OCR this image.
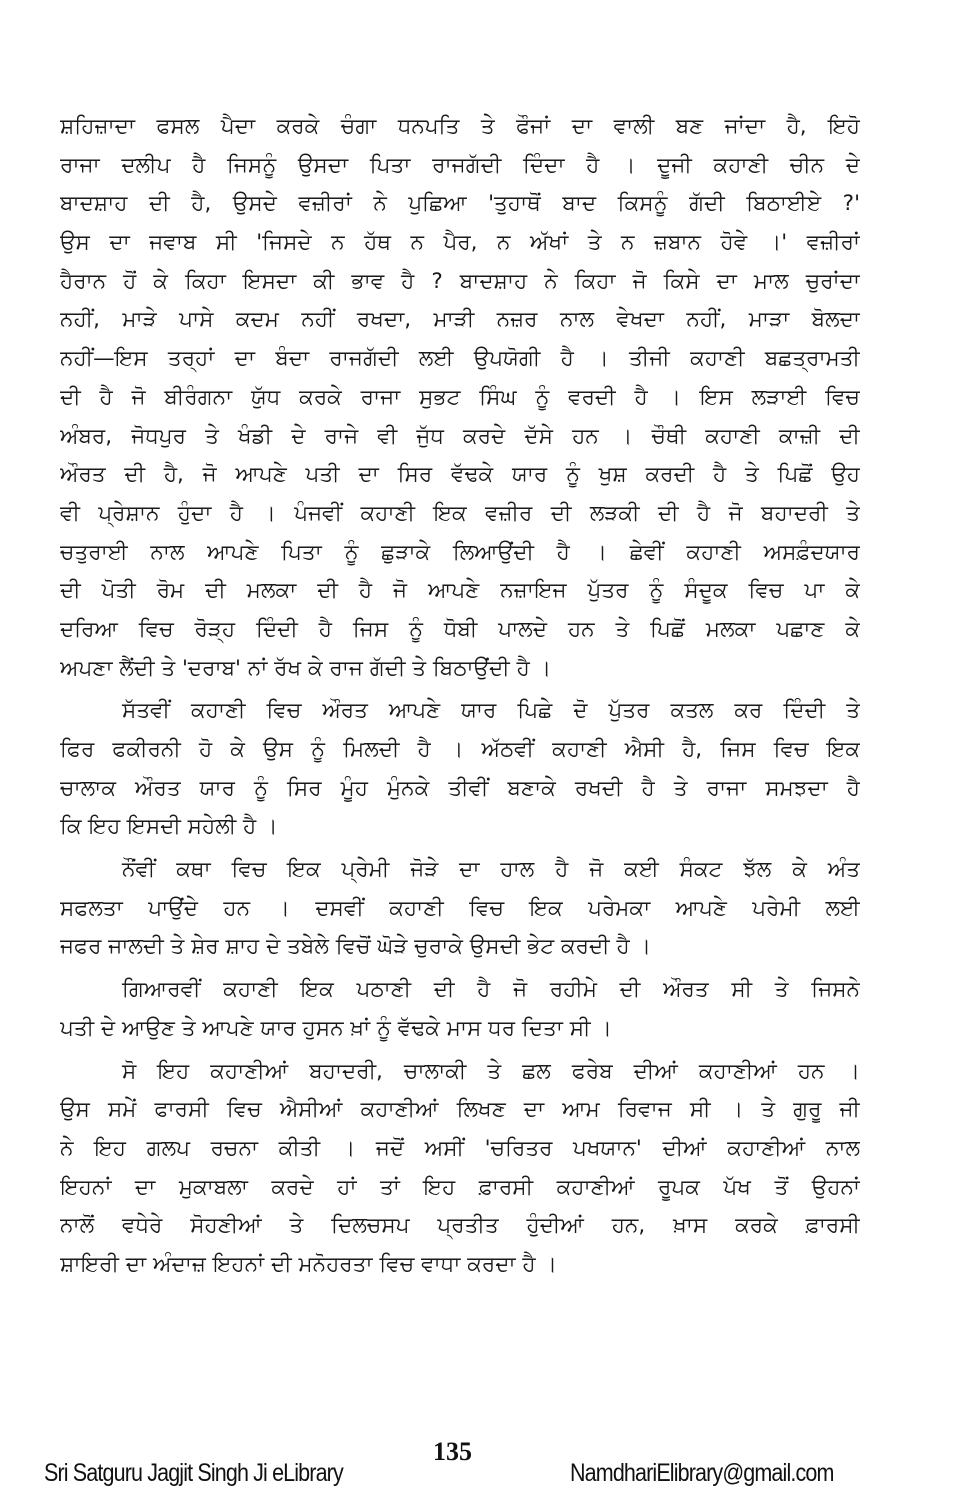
ਸ਼ਹਿਜ਼ਾਦਾ ਫਸਲ ਪੈਦਾ ਕਰਕੇ ਚੰਗਾ ਧਨਪਤਿ ਤੇ ਫੌਜਾਂ ਦਾ ਵਾਲੀ ਬਣ ਜਾਂਦਾ ਹੈ, ਇਹੋ
ਰਾਜਾ ਦਲੀਪ ਹੈ ਜਿਸਨੂੰ ਉਸਦਾ ਪਿਤਾ ਰਾਜਗੱਦੀ ਦਿੰਦਾ ਹੈ । ਦੂਜੀ ਕਹਾਣੀ ਚੀਨ ਦੇ
ਬਾਦਸ਼ਾਹ ਦੀ ਹੈ, ਉਸਦੇ ਵਜ਼ੀਰਾਂ ਨੇ ਪੁਛਿਆ 'ਤੁਹਾਥੋਂ ਬਾਦ ਕਿਸਨੂੰ ਗੱਦੀ ਬਿਠਾਈਏ ?'
ਉਸ ਦਾ ਜਵਾਬ ਸੀ 'ਜਿਸਦੇ ਨ ਹੱਥ ਨ ਪੈਰ, ਨ ਅੱਖਾਂ ਤੇ ਨ ਜ਼ਬਾਨ ਹੋਵੇ ।' ਵਜ਼ੀਰਾਂ
ਹੈਰਾਨ ਹੋਂ ਕੇ ਕਿਹਾ ਇਸਦਾ ਕੀ ਭਾਵ ਹੈ ? ਬਾਦਸ਼ਾਹ ਨੇ ਕਿਹਾ ਜੋ ਕਿਸੇ ਦਾ ਮਾਲ ਚੁਰਾਂਦਾ
ਨਹੀਂ, ਮਾੜੇ ਪਾਸੇ ਕਦਮ ਨਹੀਂ ਰਖਦਾ, ਮਾੜੀ ਨਜ਼ਰ ਨਾਲ ਵੇਖਦਾ ਨਹੀਂ, ਮਾੜਾ ਬੋਲਦਾ
ਨਹੀਂ—ਇਸ ਤਰ੍ਹਾਂ ਦਾ ਬੰਦਾ ਰਾਜਗੱਦੀ ਲਈ ਉਪਯੋਗੀ ਹੈ । ਤੀਜੀ ਕਹਾਣੀ ਬਛਤ੍ਰਾਮਤੀ
ਦੀ ਹੈ ਜੋ ਬੀਰੰਗਨਾ ਯੁੱਧ ਕਰਕੇ ਰਾਜਾ ਸੁਭਟ ਸਿੰਘ ਨੂੰ ਵਰਦੀ ਹੈ । ਇਸ ਲੜਾਈ ਵਿਚ
ਅੰਬਰ, ਜੋਧਪੁਰ ਤੇ ਖੰਡੀ ਦੇ ਰਾਜੇ ਵੀ ਜੁੱਧ ਕਰਦੇ ਦੱਸੇ ਹਨ । ਚੌਥੀ ਕਹਾਣੀ ਕਾਜ਼ੀ ਦੀ
ਔਰਤ ਦੀ ਹੈ, ਜੋ ਆਪਣੇ ਪਤੀ ਦਾ ਸਿਰ ਵੱਢਕੇ ਯਾਰ ਨੂੰ ਖੁਸ਼ ਕਰਦੀ ਹੈ ਤੇ ਪਿਛੋਂ ਉਹ
ਵੀ ਪ੍ਰੇਸ਼ਾਨ ਹੁੰਦਾ ਹੈ । ਪੰਜਵੀਂ ਕਹਾਣੀ ਇਕ ਵਜ਼ੀਰ ਦੀ ਲੜਕੀ ਦੀ ਹੈ ਜੋ ਬਹਾਦਰੀ ਤੇ
ਚਤੁਰਾਈ ਨਾਲ ਆਪਣੇ ਪਿਤਾ ਨੂੰ ਛੁੜਾਕੇ ਲਿਆਉਂਦੀ ਹੈ । ਛੇਵੀਂ ਕਹਾਣੀ ਅਸਫ਼ੰਦਯਾਰ
ਦੀ ਪੋਤੀ ਰੋਮ ਦੀ ਮਲਕਾ ਦੀ ਹੈ ਜੋ ਆਪਣੇ ਨਜ਼ਾਇਜ ਪੁੱਤਰ ਨੂੰ ਸੰਦੂਕ ਵਿਚ ਪਾ ਕੇ
ਦਰਿਆ ਵਿਚ ਰੋੜ੍ਹ ਦਿੰਦੀ ਹੈ ਜਿਸ ਨੂੰ ਧੋਬੀ ਪਾਲਦੇ ਹਨ ਤੇ ਪਿਛੋਂ ਮਲਕਾ ਪਛਾਣ ਕੇ
ਅਪਣਾ ਲੈਂਦੀ ਤੇ 'ਦਰਾਬ' ਨਾਂ ਰੱਖ ਕੇ ਰਾਜ ਗੱਦੀ ਤੇ ਬਿਠਾਉਂਦੀ ਹੈ ।
ਸੱਤਵੀਂ ਕਹਾਣੀ ਵਿਚ ਔਰਤ ਆਪਣੇ ਯਾਰ ਪਿਛੇ ਦੋ ਪੁੱਤਰ ਕਤਲ ਕਰ ਦਿੰਦੀ ਤੇ
ਫਿਰ ਫਕੀਰਨੀ ਹੋ ਕੇ ਉਸ ਨੂੰ ਮਿਲਦੀ ਹੈ । ਅੱਠਵੀਂ ਕਹਾਣੀ ਐਸੀ ਹੈ, ਜਿਸ ਵਿਚ ਇਕ
ਚਾਲਾਕ ਔਰਤ ਯਾਰ ਨੂੰ ਸਿਰ ਮੂੰਹ ਮੁੰਨਕੇ ਤੀਵੀਂ ਬਣਾਕੇ ਰਖਦੀ ਹੈ ਤੇ ਰਾਜਾ ਸਮਝਦਾ ਹੈ
ਕਿ ਇਹ ਇਸਦੀ ਸਹੇਲੀ ਹੈ ।
ਨੌਂਵੀਂ ਕਥਾ ਵਿਚ ਇਕ ਪ੍ਰੇਮੀ ਜੋੜੇ ਦਾ ਹਾਲ ਹੈ ਜੋ ਕਈ ਸੰਕਟ ਝੱਲ ਕੇ ਅੰਤ
ਸਫਲਤਾ ਪਾਉਂਦੇ ਹਨ । ਦਸਵੀਂ ਕਹਾਣੀ ਵਿਚ ਇਕ ਪਰੇਮਕਾ ਆਪਣੇ ਪਰੇਮੀ ਲਈ
ਜਫਰ ਜਾਲਦੀ ਤੇ ਸ਼ੇਰ ਸ਼ਾਹ ਦੇ ਤਬੇਲੇ ਵਿਚੋਂ ਘੋੜੇ ਚੁਰਾਕੇ ਉਸਦੀ ਭੇਟ ਕਰਦੀ ਹੈ ।
ਗਿਆਰਵੀਂ ਕਹਾਣੀ ਇਕ ਪਠਾਣੀ ਦੀ ਹੈ ਜੋ ਰਹੀਮੇ ਦੀ ਔਰਤ ਸੀ ਤੇ ਜਿਸਨੇ
ਪਤੀ ਦੇ ਆਉਣ ਤੇ ਆਪਣੇ ਯਾਰ ਹੁਸਨ ਖ਼ਾਂ ਨੂੰ ਵੱਢਕੇ ਮਾਸ ਧਰ ਦਿਤਾ ਸੀ ।
ਸੋ ਇਹ ਕਹਾਣੀਆਂ ਬਹਾਦਰੀ, ਚਾਲਾਕੀ ਤੇ ਛਲ ਫਰੇਬ ਦੀਆਂ ਕਹਾਣੀਆਂ ਹਨ ।
ਉਸ ਸਮੇਂ ਫਾਰਸੀ ਵਿਚ ਐਸੀਆਂ ਕਹਾਣੀਆਂ ਲਿਖਣ ਦਾ ਆਮ ਰਿਵਾਜ ਸੀ । ਤੇ ਗੁਰੂ ਜੀ
ਨੇ ਇਹ ਗਲਪ ਰਚਨਾ ਕੀਤੀ । ਜਦੋਂ ਅਸੀਂ 'ਚਰਿਤਰ ਪਖਯਾਨ' ਦੀਆਂ ਕਹਾਣੀਆਂ ਨਾਲ
ਇਹਨਾਂ ਦਾ ਮੁਕਾਬਲਾ ਕਰਦੇ ਹਾਂ ਤਾਂ ਇਹ ਫ਼ਾਰਸੀ ਕਹਾਣੀਆਂ ਰੂਪਕ ਪੱਖ ਤੋਂ ਉਹਨਾਂ
ਨਾਲੋਂ ਵਧੇਰੇ ਸੋਹਣੀਆਂ ਤੇ ਦਿਲਚਸਪ ਪ੍ਰਤੀਤ ਹੁੰਦੀਆਂ ਹਨ, ਖ਼ਾਸ ਕਰਕੇ ਫ਼ਾਰਸੀ
ਸ਼ਾਇਰੀ ਦਾ ਅੰਦਾਜ਼ ਇਹਨਾਂ ਦੀ ਮਨੋਹਰਤਾ ਵਿਚ ਵਾਧਾ ਕਰਦਾ ਹੈ ।
Sri Satguru Jagjit Singh Ji eLibrary
135
NamdhariElibrary@gmail.com
